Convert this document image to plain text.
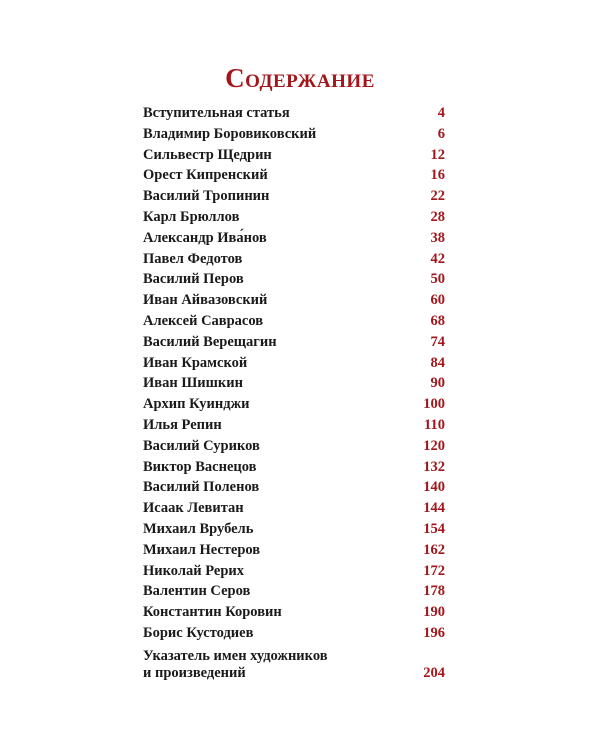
Содержание
Вступительная статья	4
Владимир Боровиковский	6
Сильвестр Щедрин	12
Орест Кипренский	16
Василий Тропинин	22
Карл Брюллов	28
Александр Ива́нов	38
Павел Федотов	42
Василий Перов	50
Иван Айвазовский	60
Алексей Саврасов	68
Василий Верещагин	74
Иван Крамской	84
Иван Шишкин	90
Архип Куинджи	100
Илья Репин	110
Василий Суриков	120
Виктор Васнецов	132
Василий Поленов	140
Исаак Левитан	144
Михаил Врубель	154
Михаил Нестеров	162
Николай Рерих	172
Валентин Серов	178
Константин Коровин	190
Борис Кустодиев	196
Указатель имен художников
и произведений	204
